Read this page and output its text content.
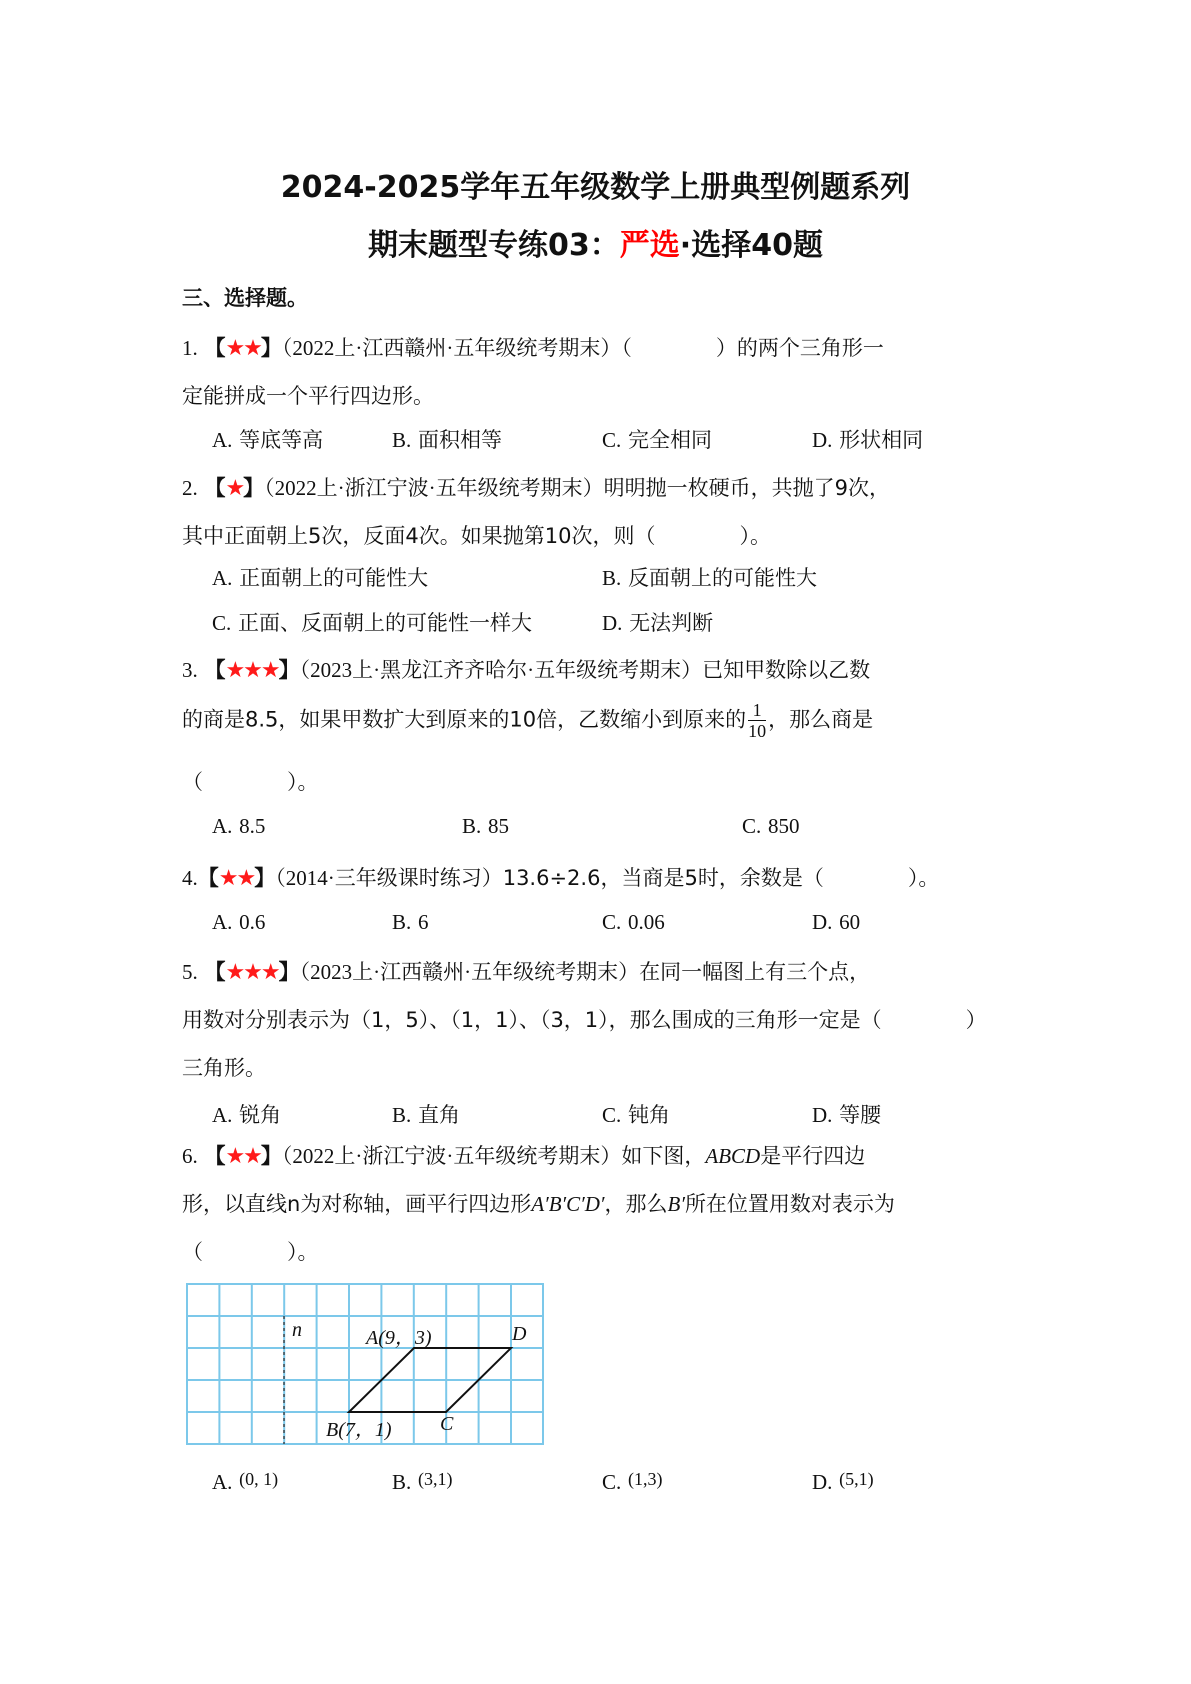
2024-2025学年五年级数学上册典型例题系列
期末题型专练03：严选·选择40题
三、选择题。
1. 【★★】（2022上·江西赣州·五年级统考期末）（　　　　）的两个三角形一
定能拼成一个平行四边形。
A. 等底等高	B. 面积相等	C. 完全相同	D. 形状相同
2. 【★】（2022上·浙江宁波·五年级统考期末）明明抛一枚硬币，共抛了9次，
其中正面朝上5次，反面4次。如果抛第10次，则（　　　　）。
A. 正面朝上的可能性大	B. 反面朝上的可能性大
C. 正面、反面朝上的可能性一样大	D. 无法判断
3. 【★★★】（2023上·黑龙江齐齐哈尔·五年级统考期末）已知甲数除以乙数
的商是8.5，如果甲数扩大到原来的10倍，乙数缩小到原来的 $\frac{1}{10}$ ，那么商是
（　　　　）。
A. 8.5	B. 85	C. 850
4.【★★】（2014·三年级课时练习）13.6÷2.6，当商是5时，余数是（　　　　）。
A. 0.6	B. 6	C. 0.06	D. 60
5. 【★★★】（2023上·江西赣州·五年级统考期末）在同一幅图上有三个点，
用数对分别表示为（1，5）、（1，1）、（3，1），那么围成的三角形一定是（　　　　）
三角形。
A. 锐角	B. 直角	C. 钝角	D. 等腰
6. 【★★】（2022上·浙江宁波·五年级统考期末）如下图，ABCD是平行四边
形，以直线n为对称轴，画平行四边形A′B′C′D′，那么B′所在位置用数对表示为
（　　　　）。
n	A(9，3)	D
B(7，1) C
A. (0, 1)	B. (3,1)	C. (1,3)	D. (5,1)
